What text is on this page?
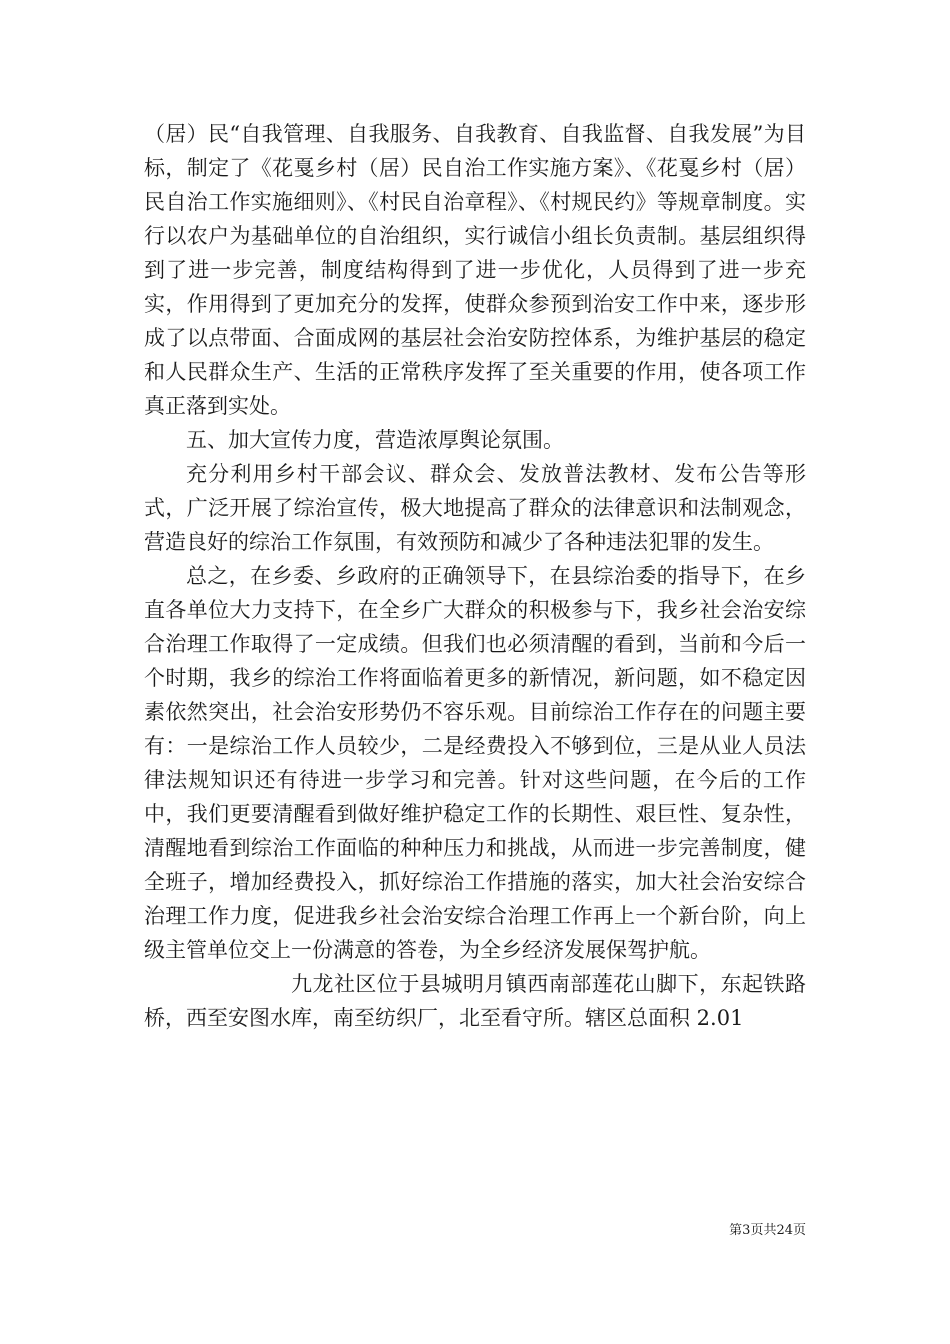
（居）民“自我管理、自我服务、自我教育、自我监督、自我发展”为目标，制定了《花戛乡村（居）民自治工作实施方案》、《花戛乡村（居）民自治工作实施细则》、《村民自治章程》、《村规民约》等规章制度。实行以农户为基础单位的自治组织，实行诚信小组长负责制。基层组织得到了进一步完善，制度结构得到了进一步优化，人员得到了进一步充实，作用得到了更加充分的发挥，使群众参预到治安工作中来，逐步形成了以点带面、合面成网的基层社会治安防控体系，为维护基层的稳定和人民群众生产、生活的正常秩序发挥了至关重要的作用，使各项工作真正落到实处。

五、加大宣传力度，营造浓厚舆论氛围。

充分利用乡村干部会议、群众会、发放普法教材、发布公告等形式，广泛开展了综治宣传，极大地提高了群众的法律意识和法制观念，营造良好的综治工作氛围，有效预防和减少了各种违法犯罪的发生。

总之，在乡委、乡政府的正确领导下，在县综治委的指导下，在乡直各单位大力支持下，在全乡广大群众的积极参与下，我乡社会治安综合治理工作取得了一定成绩。但我们也必须清醒的看到，当前和今后一个时期，我乡的综治工作将面临着更多的新情况，新问题，如不稳定因素依然突出，社会治安形势仍不容乐观。目前综治工作存在的问题主要有：一是综治工作人员较少，二是经费投入不够到位，三是从业人员法律法规知识还有待进一步学习和完善。针对这些问题，在今后的工作中，我们更要清醒看到做好维护稳定工作的长期性、艰巨性、复杂性，清醒地看到综治工作面临的种种压力和挑战，从而进一步完善制度，健全班子，增加经费投入，抓好综治工作措施的落实，加大社会治安综合治理工作力度，促进我乡社会治安综合治理工作再上一个新台阶，向上级主管单位交上一份满意的答卷，为全乡经济发展保驾护航。

九龙社区位于县城明月镇西南部莲花山脚下，东起铁路桥，西至安图水库，南至纺织厂，北至看守所。辖区总面积 2.01

第3页共24页
